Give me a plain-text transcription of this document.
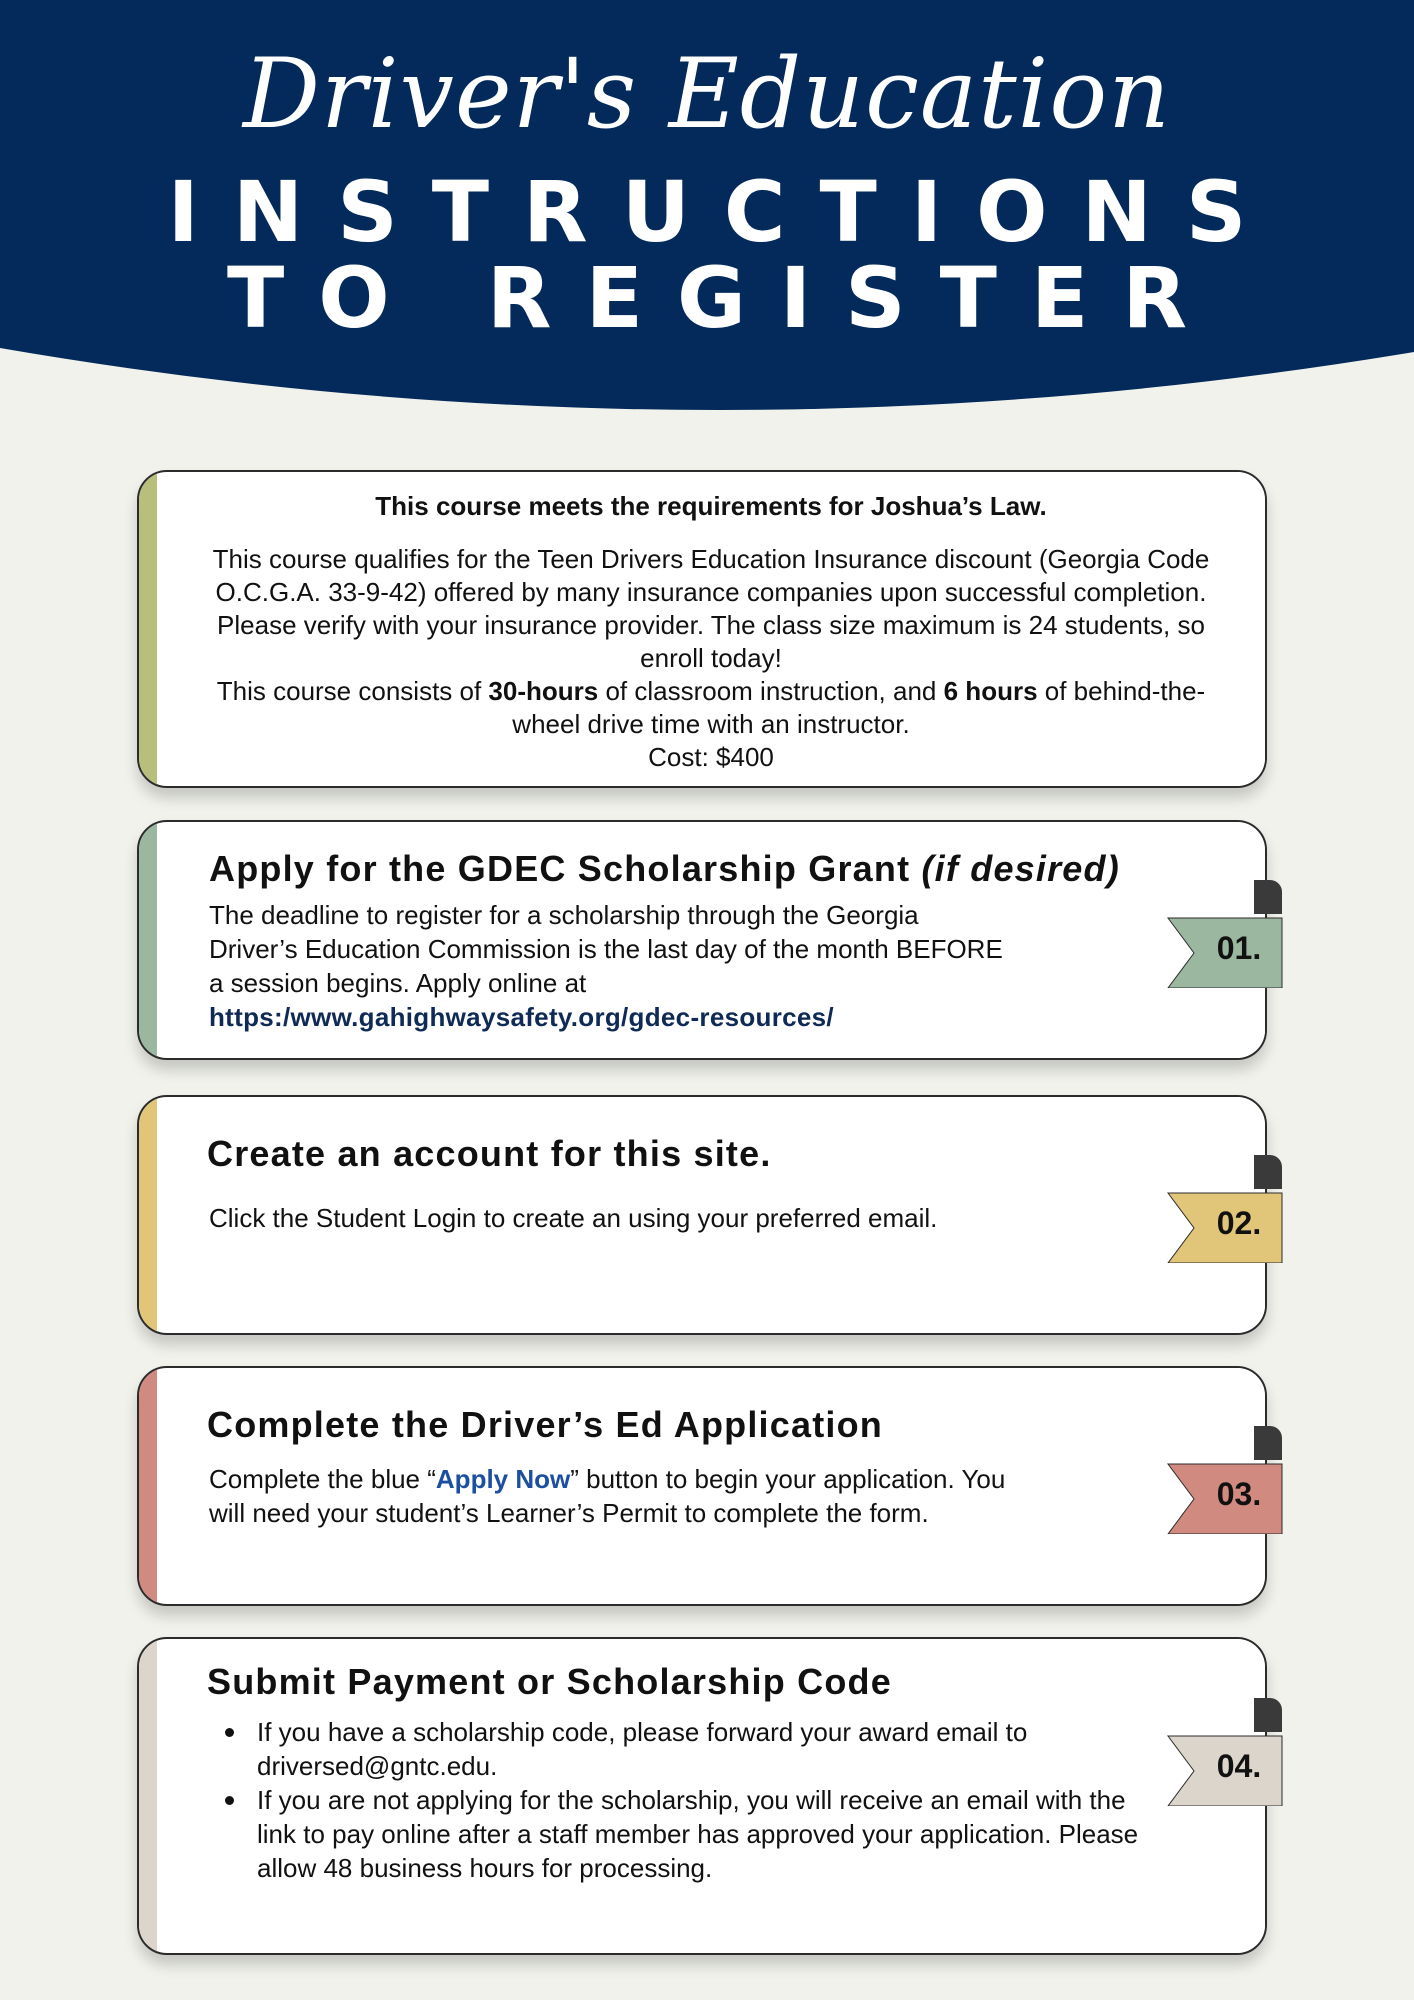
Driver's Education
INSTRUCTIONS
TO REGISTER
This course meets the requirements for Joshua’s Law.
This course qualifies for the Teen Drivers Education Insurance discount (Georgia Code O.C.G.A. 33-9-42) offered by many insurance companies upon successful completion. Please verify with your insurance provider. The class size maximum is 24 students, so enroll today!
This course consists of 30-hours of classroom instruction, and 6 hours of behind-the-wheel drive time with an instructor.
Cost: $400
Apply for the GDEC Scholarship Grant (if desired)
The deadline to register for a scholarship through the Georgia Driver’s Education Commission is the last day of the month BEFORE a session begins. Apply online at
https:/www.gahighwaysafety.org/gdec-resources/
Create an account for this site.
Click the Student Login to create an using your preferred email.
Complete the Driver’s Ed Application
Complete the blue “Apply Now” button to begin your application. You will need your student’s Learner’s Permit to complete the form.
Submit Payment or Scholarship Code
If you have a scholarship code, please forward your award email to driversed@gntc.edu.
If you are not applying for the scholarship, you will receive an email with the link to pay online after a staff member has approved your application. Please allow 48 business hours for processing.
01.
02.
03.
04.
